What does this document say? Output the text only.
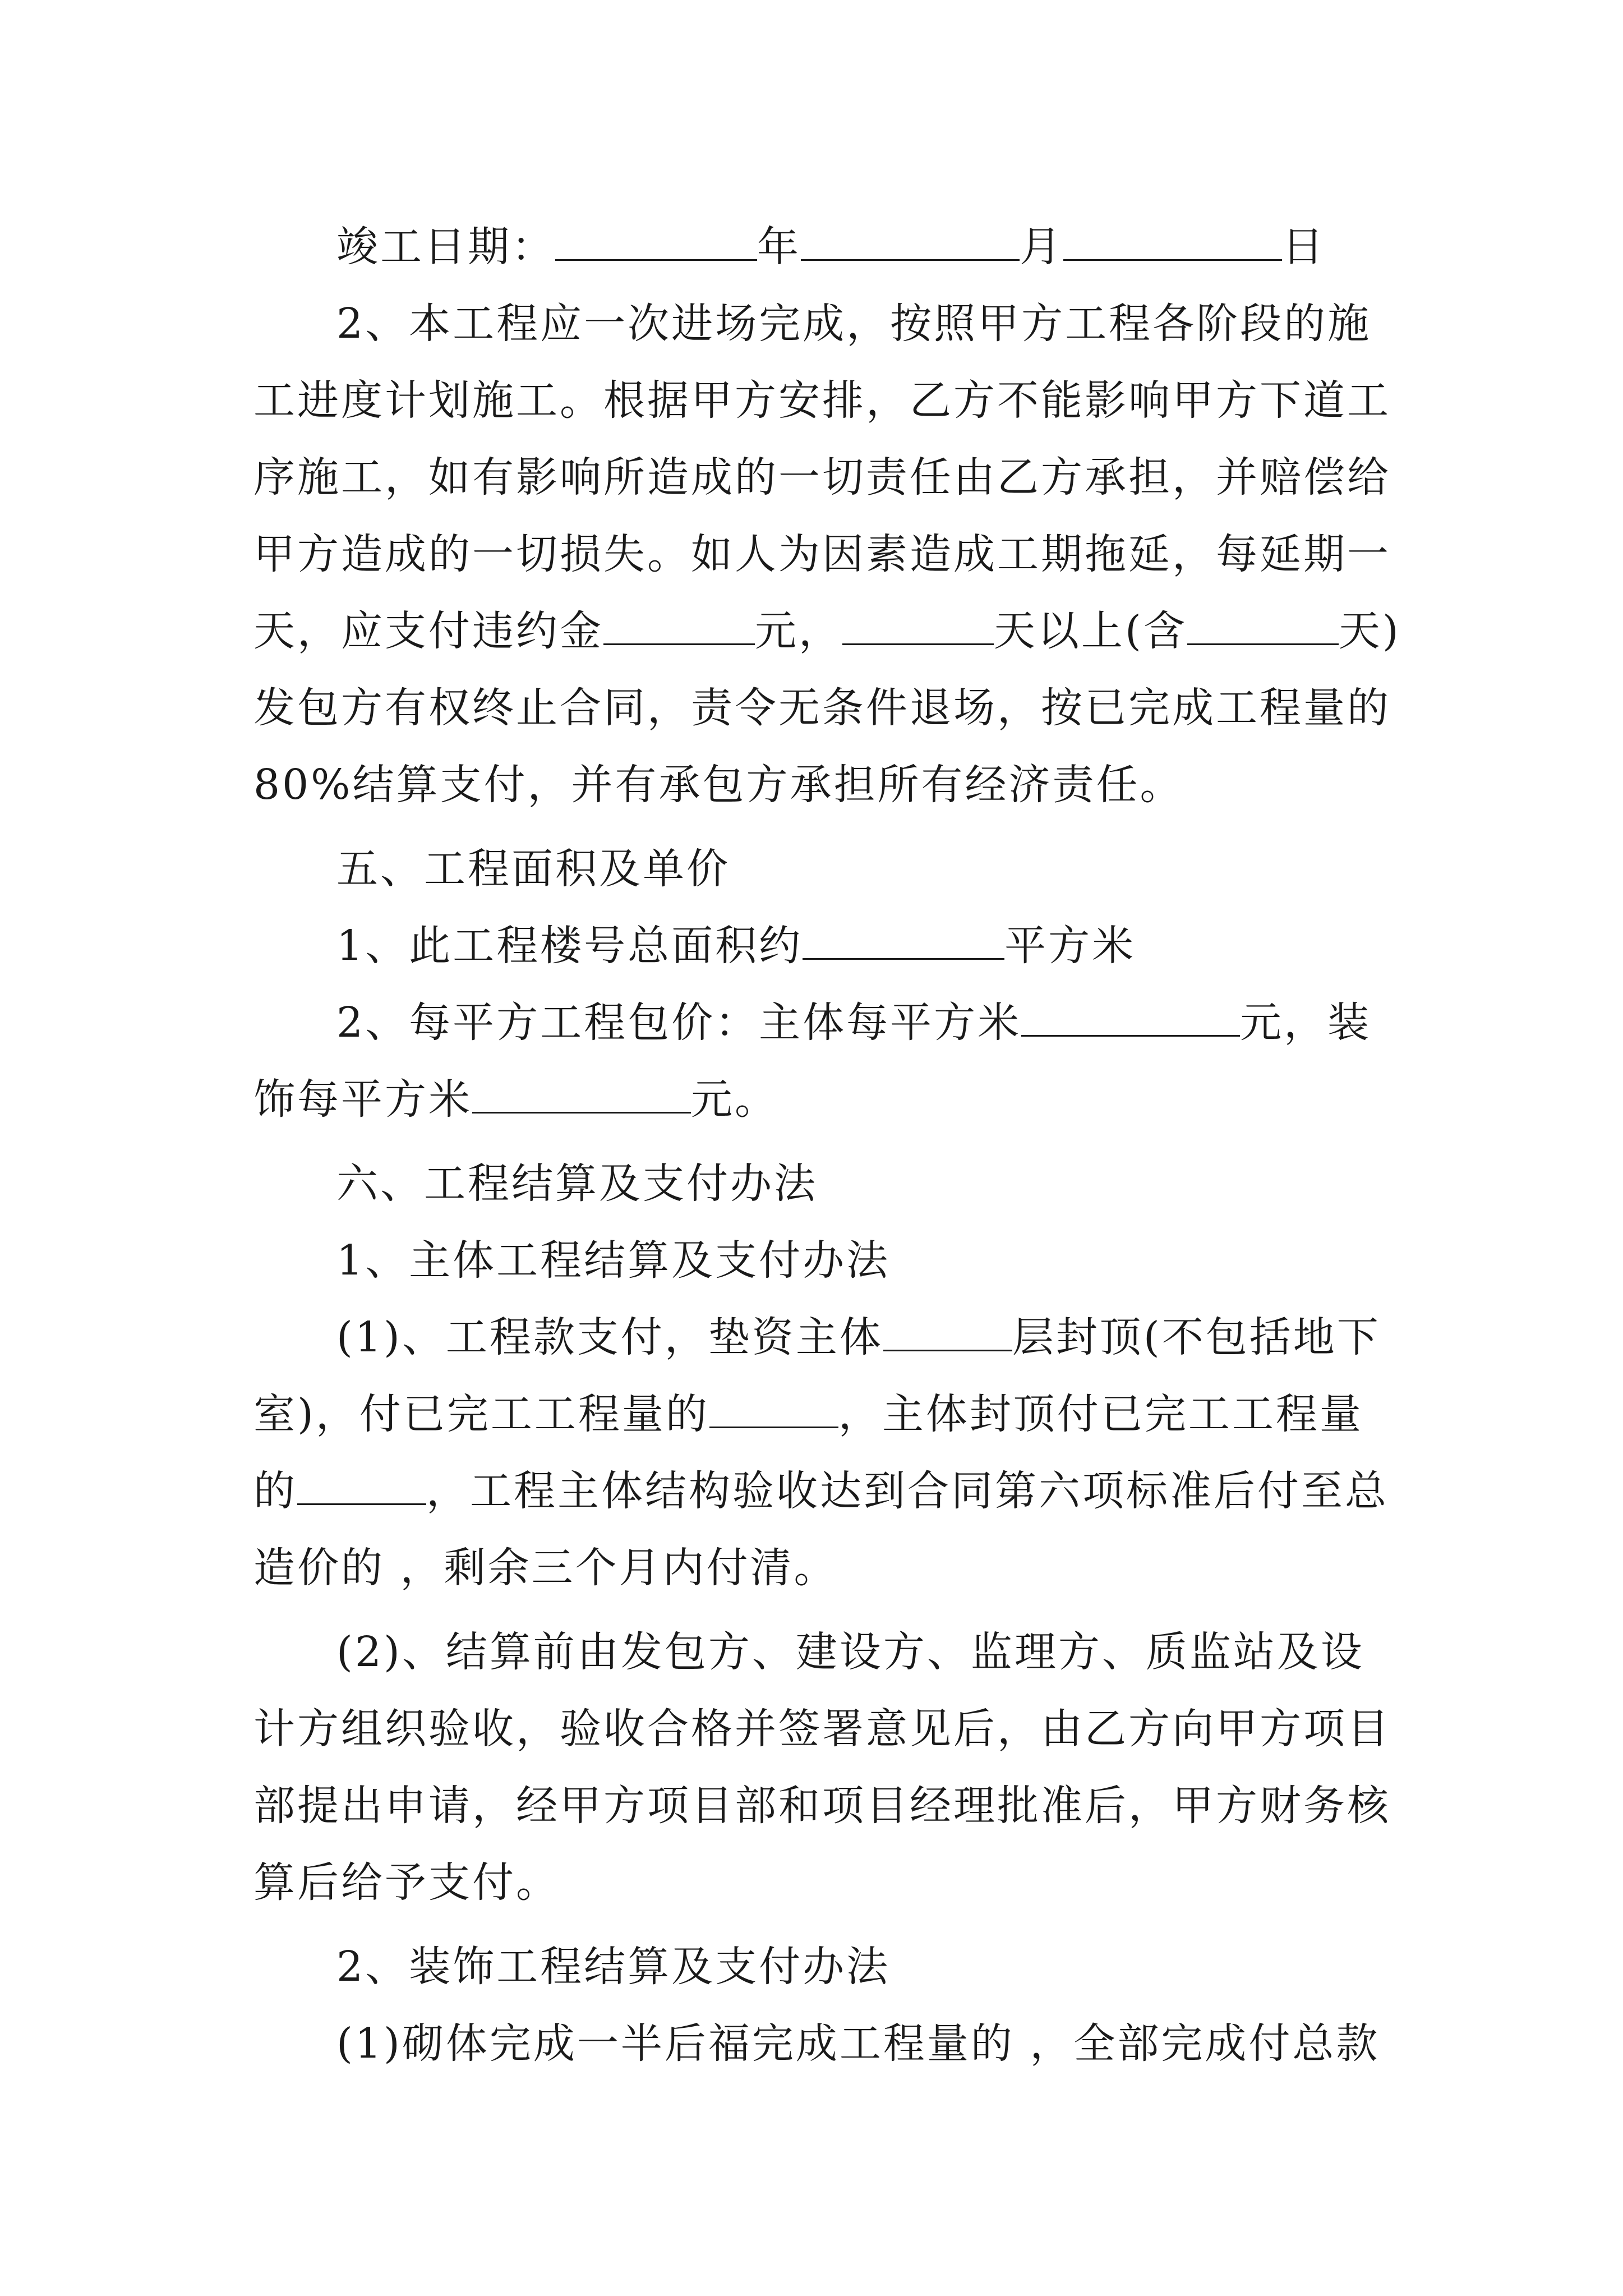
竣工日期：	年	月	日
2、本工程应一次进场完成，按照甲方工程各阶段的施
工进度计划施工。根据甲方安排，乙方不能影响甲方下道工
序施工，如有影响所造成的一切责任由乙方承担，并赔偿给
甲方造成的一切损失。如人为因素造成工期拖延，每延期一
天，应支付违约金	元，	天以上(含	天)
发包方有权终止合同，责令无条件退场，按已完成工程量的
80%结算支付，并有承包方承担所有经济责任。
五、工程面积及单价
1、此工程楼号总面积约	平方米
2、每平方工程包价：主体每平方米	元，装
饰每平方米	元。
六、工程结算及支付办法
1、主体工程结算及支付办法
(1)、工程款支付，垫资主体	层封顶(不包括地下
室)，付已完工工程量的	，主体封顶付已完工工程量
的	，工程主体结构验收达到合同第六项标准后付至总
造价的 ，剩余三个月内付清。
(2)、结算前由发包方、建设方、监理方、质监站及设
计方组织验收，验收合格并签署意见后，由乙方向甲方项目
部提出申请，经甲方项目部和项目经理批准后，甲方财务核
算后给予支付。
2、装饰工程结算及支付办法
(1)砌体完成一半后福完成工程量的 ，全部完成付总款
